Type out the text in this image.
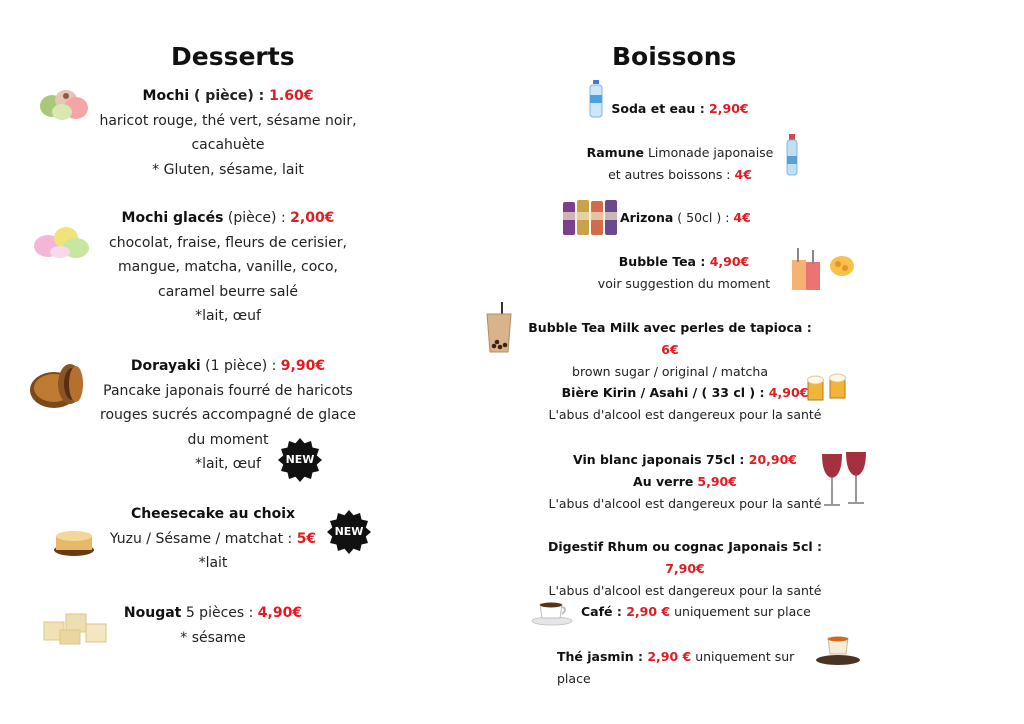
Desserts	Boissons
Mochi ( pièce) : 1.60€
haricot rouge, thé vert, sésame noir,
cacahuète
* Gluten, sésame, lait
Mochi glacés (pièce) : 2,00€
chocolat, fraise, fleurs de cerisier,
mangue, matcha, vanille, coco,
caramel beurre salé
*lait, œuf
Dorayaki (1 pièce) : 9,90€
Pancake japonais fourré de haricots
rouges sucrés accompagné de glace
du moment
*lait, œuf	NEW
Cheesecake au choix
Yuzu / Sésame / matchat : 5€
*lait
NEW
Nougat 5 pièces : 4,90€
* sésame
Soda et eau : 2,90€
Ramune Limonade japonaise
et autres boissons : 4€
Arizona ( 50cl ) : 4€
Bubble Tea : 4,90€
voir suggestion du moment
Bubble Tea Milk avec perles de tapioca : 6€
brown sugar / original / matcha
Bière Kirin / Asahi / ( 33 cl ) : 4,90€
L'abus d'alcool est dangereux pour la santé
Vin blanc japonais 75cl : 20,90€
Au verre 5,90€
L'abus d'alcool est dangereux pour la santé
Digestif Rhum ou cognac Japonais 5cl : 7,90€
L'abus d'alcool est dangereux pour la santé
Café : 2,90 € uniquement sur place
Thé jasmin : 2,90 € uniquement sur place
